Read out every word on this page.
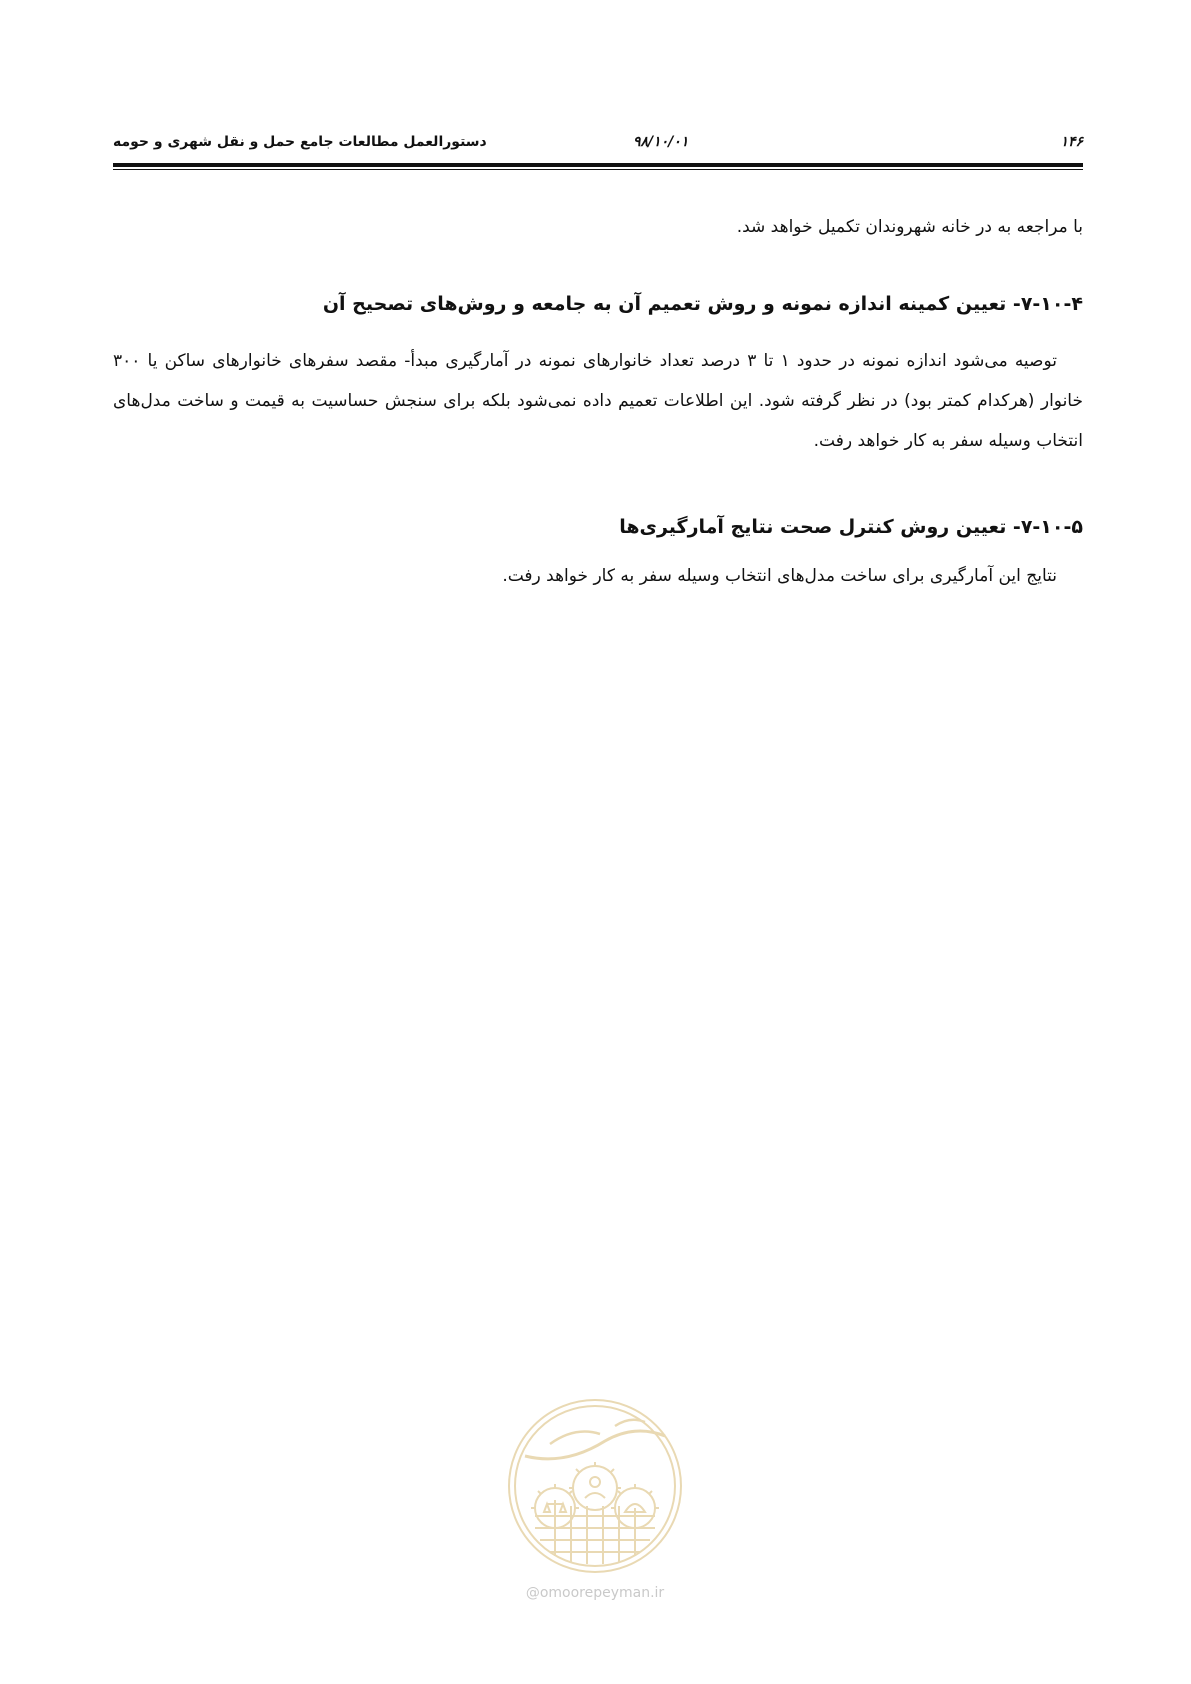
۱۴۶
۹۸/۱۰/۰۱
دستورالعمل مطالعات جامع حمل و نقل شهری و حومه

با مراجعه به در خانه شهروندان تکمیل خواهد شد.

۷-۱۰-۴- تعیین کمینه اندازه نمونه و روش تعمیم آن به جامعه و روش‌های تصحیح آن

توصیه می‌شود اندازه نمونه در حدود ۱ تا ۳ درصد تعداد خانوارهای نمونه در آمارگیری مبدأ- مقصد سفرهای خانوارهای ساکن یا ۳۰۰ خانوار (هرکدام کمتر بود) در نظر گرفته شود. این اطلاعات تعمیم داده نمی‌شود بلکه برای سنجش حساسیت به قیمت و ساخت مدل‌های انتخاب وسیله سفر به کار خواهد رفت.

۷-۱۰-۵- تعیین روش کنترل صحت نتایج آمارگیری‌ها

نتایج این آمارگیری برای ساخت مدل‌های انتخاب وسیله سفر به کار خواهد رفت.

@omoorepeyman.ir
